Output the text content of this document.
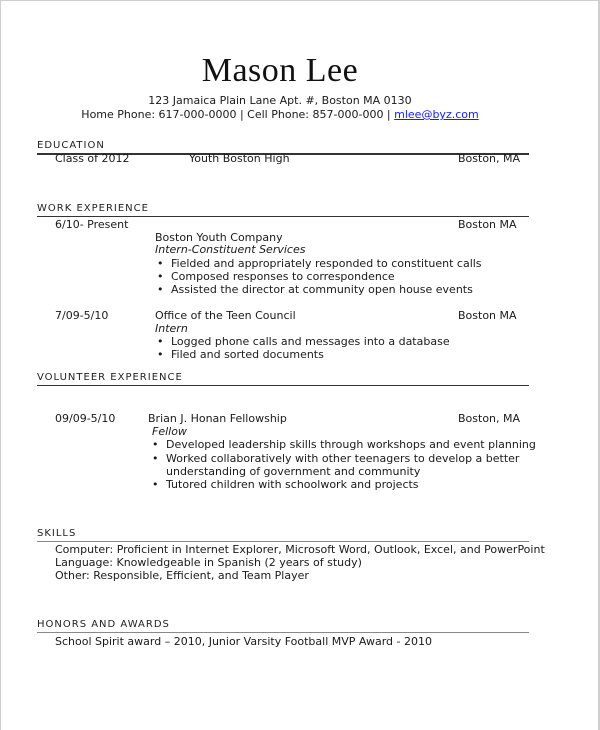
Mason Lee
123 Jamaica Plain Lane Apt. #, Boston MA 0130
Home Phone: 617-000-0000 | Cell Phone: 857-000-000 | mlee@byz.com
EDUCATION
Class of 2012	Youth Boston High	Boston, MA
WORK EXPERIENCE
6/10- Present	Boston MA
Boston Youth Company
Intern-Constituent Services
• Fielded and appropriately responded to constituent calls
• Composed responses to correspondence
• Assisted the director at community open house events
7/09-5/10	Office of the Teen Council	Boston MA
Intern
• Logged phone calls and messages into a database
• Filed and sorted documents
VOLUNTEER EXPERIENCE
09/09-5/10	Brian J. Honan Fellowship	Boston, MA
Fellow
• Developed leadership skills through workshops and event planning
• Worked collaboratively with other teenagers to develop a better
understanding of government and community
• Tutored children with schoolwork and projects
SKILLS
Computer: Proficient in Internet Explorer, Microsoft Word, Outlook, Excel, and PowerPoint
Language: Knowledgeable in Spanish (2 years of study)
Other: Responsible, Efficient, and Team Player
HONORS AND AWARDS
School Spirit award – 2010, Junior Varsity Football MVP Award - 2010
